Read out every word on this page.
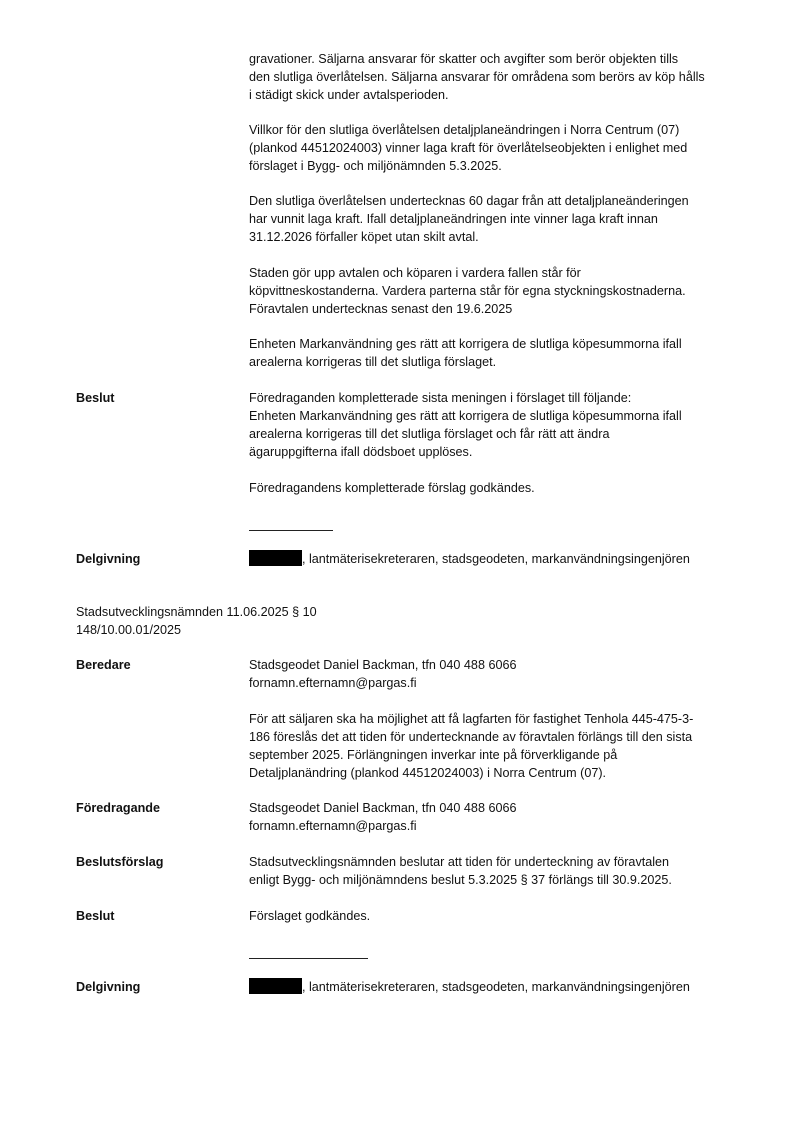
gravationer. Säljarna ansvarar för skatter och avgifter som berör objekten tills
den slutliga överlåtelsen. Säljarna ansvarar för områdena som berörs av köp hålls
i städigt skick under avtalsperioden.

Villkor för den slutliga överlåtelsen detaljplaneändringen i Norra Centrum (07)
(plankod 44512024003) vinner laga kraft för överlåtelseobjekten i enlighet med
förslaget i Bygg- och miljönämnden 5.3.2025.

Den slutliga överlåtelsen undertecknas 60 dagar från att detaljplaneänderingen
har vunnit laga kraft. Ifall detaljplaneändringen inte vinner laga kraft innan
31.12.2026 förfaller köpet utan skilt avtal.

Staden gör upp avtalen och köparen i vardera fallen står för
köpvittneskostanderna. Vardera parterna står för egna styckningskostnaderna.
Föravtalen undertecknas senast den 19.6.2025

Enheten Markanvändning ges rätt att korrigera de slutliga köpesummorna ifall
arealerna korrigeras till det slutliga förslaget.

Beslut	Föredraganden kompletterade sista meningen i förslaget till följande:
Enheten Markanvändning ges rätt att korrigera de slutliga köpesummorna ifall
arealerna korrigeras till det slutliga förslaget och får rätt att ändra
ägaruppgifterna ifall dödsboet upplöses.

Föredragandens kompletterade förslag godkändes.

Delgivning	, lantmäterisekreteraren, stadsgeodeten, markanvändningsingenjören

Stadsutvecklingsnämnden 11.06.2025 § 10
148/10.00.01/2025

Beredare	Stadsgeodet Daniel Backman, tfn 040 488 6066
fornamn.efternamn@pargas.fi

För att säljaren ska ha möjlighet att få lagfarten för fastighet Tenhola 445-475-3-
186 föreslås det att tiden för undertecknande av föravtalen förlängs till den sista
september 2025. Förlängningen inverkar inte på förverkligande på
Detaljplanändring (plankod 44512024003) i Norra Centrum (07).

Föredragande	Stadsgeodet Daniel Backman, tfn 040 488 6066
fornamn.efternamn@pargas.fi

Beslutsförslag	Stadsutvecklingsnämnden beslutar att tiden för underteckning av föravtalen
enligt Bygg- och miljönämndens beslut 5.3.2025 § 37 förlängs till 30.9.2025.

Beslut	Förslaget godkändes.

Delgivning	, lantmäterisekreteraren, stadsgeodeten, markanvändningsingenjören
